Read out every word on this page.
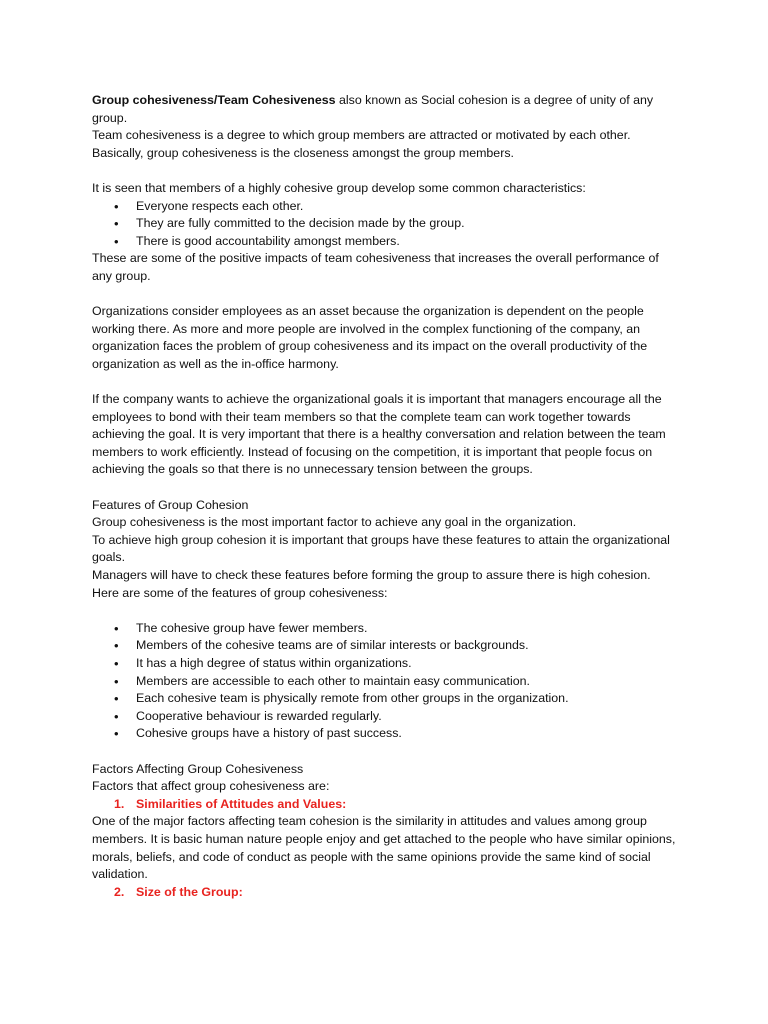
Group cohesiveness/Team Cohesiveness also known as Social cohesion is a degree of unity of any group.

Team cohesiveness is a degree to which group members are attracted or motivated by each other.

Basically, group cohesiveness is the closeness amongst the group members.

It is seen that members of a highly cohesive group develop some common characteristics:

• Everyone respects each other.
• They are fully committed to the decision made by the group.
• There is good accountability amongst members.

These are some of the positive impacts of team cohesiveness that increases the overall performance of any group.

Organizations consider employees as an asset because the organization is dependent on the people working there. As more and more people are involved in the complex functioning of the company, an organization faces the problem of group cohesiveness and its impact on the overall productivity of the organization as well as the in-office harmony.

If the company wants to achieve the organizational goals it is important that managers encourage all the employees to bond with their team members so that the complete team can work together towards achieving the goal. It is very important that there is a healthy conversation and relation between the team members to work efficiently. Instead of focusing on the competition, it is important that people focus on achieving the goals so that there is no unnecessary tension between the groups.

Features of Group Cohesion

Group cohesiveness is the most important factor to achieve any goal in the organization.

To achieve high group cohesion it is important that groups have these features to attain the organizational goals.

Managers will have to check these features before forming the group to assure there is high cohesion.

Here are some of the features of group cohesiveness:

• The cohesive group have fewer members.
• Members of the cohesive teams are of similar interests or backgrounds.
• It has a high degree of status within organizations.
• Members are accessible to each other to maintain easy communication.
• Each cohesive team is physically remote from other groups in the organization.
• Cooperative behaviour is rewarded regularly.
• Cohesive groups have a history of past success.

Factors Affecting Group Cohesiveness

Factors that affect group cohesiveness are:

1. Similarities of Attitudes and Values:

One of the major factors affecting team cohesion is the similarity in attitudes and values among group members. It is basic human nature people enjoy and get attached to the people who have similar opinions, morals, beliefs, and code of conduct as people with the same opinions provide the same kind of social validation.

2. Size of the Group:
